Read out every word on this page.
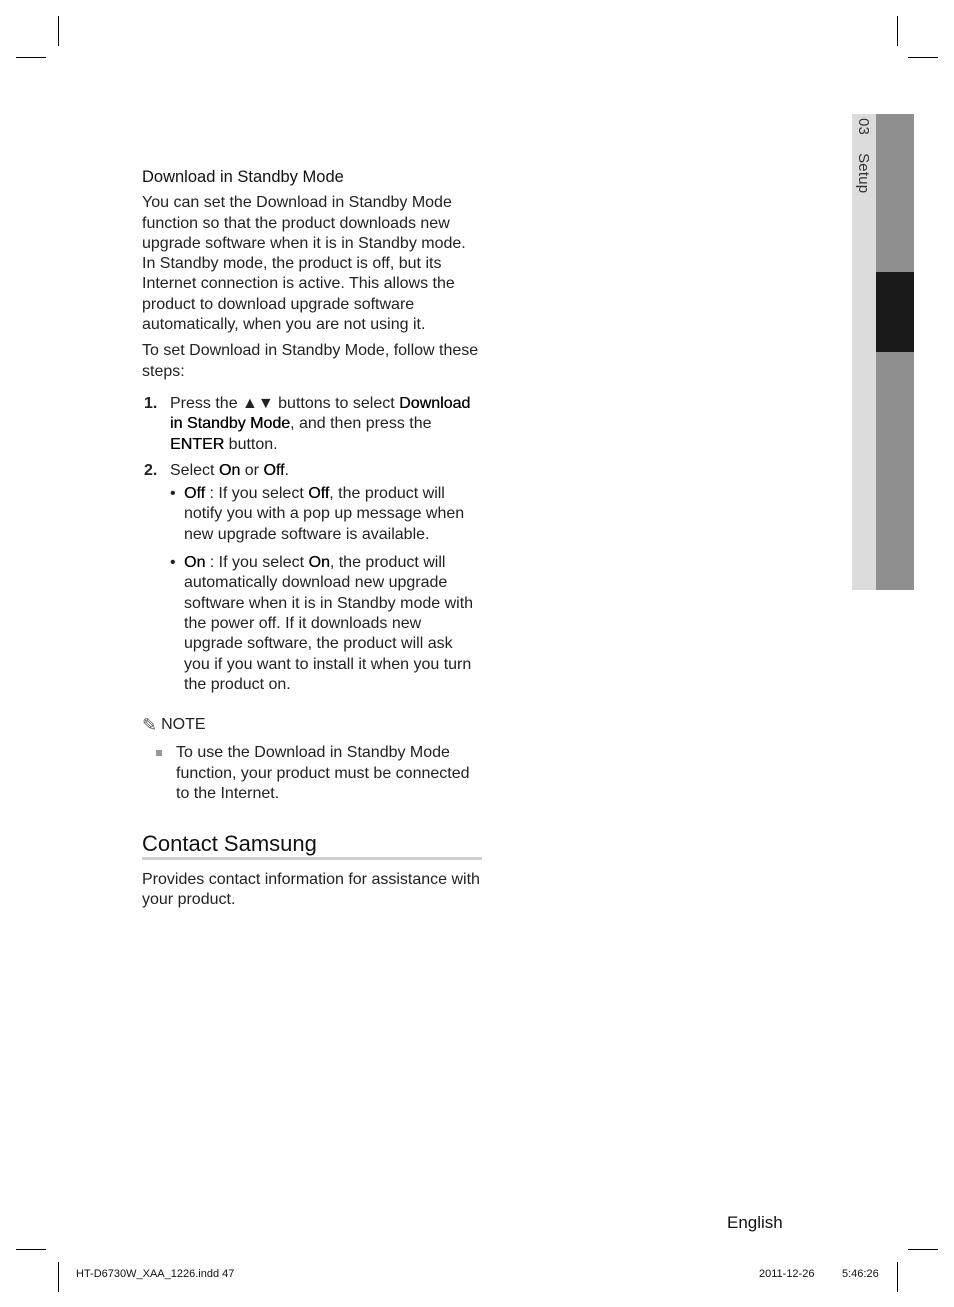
03Setup
Download in Standby Mode

You can set the Download in Standby Mode function so that the product downloads new upgrade software when it is in Standby mode. In Standby mode, the product is off, but its Internet connection is active. This allows the product to download upgrade software automatically, when you are not using it.

To set Download in Standby Mode, follow these steps:

1. Press the ▲▼ buttons to select Download in Standby Mode, and then press the ENTER button.
2. Select On or Off.
• Off : If you select Off, the product will notify you with a pop up message when new upgrade software is available.
• On : If you select On, the product will automatically download new upgrade software when it is in Standby mode with the power off. If it downloads new upgrade software, the product will ask you if you want to install it when you turn the product on.
✎ NOTE
To use the Download in Standby Mode function, your product must be connected to the Internet.
Contact Samsung

Provides contact information for assistance with your product.

English
HT-D6730W_XAA_1226.indd 47	2011-12-26	5:46:26
